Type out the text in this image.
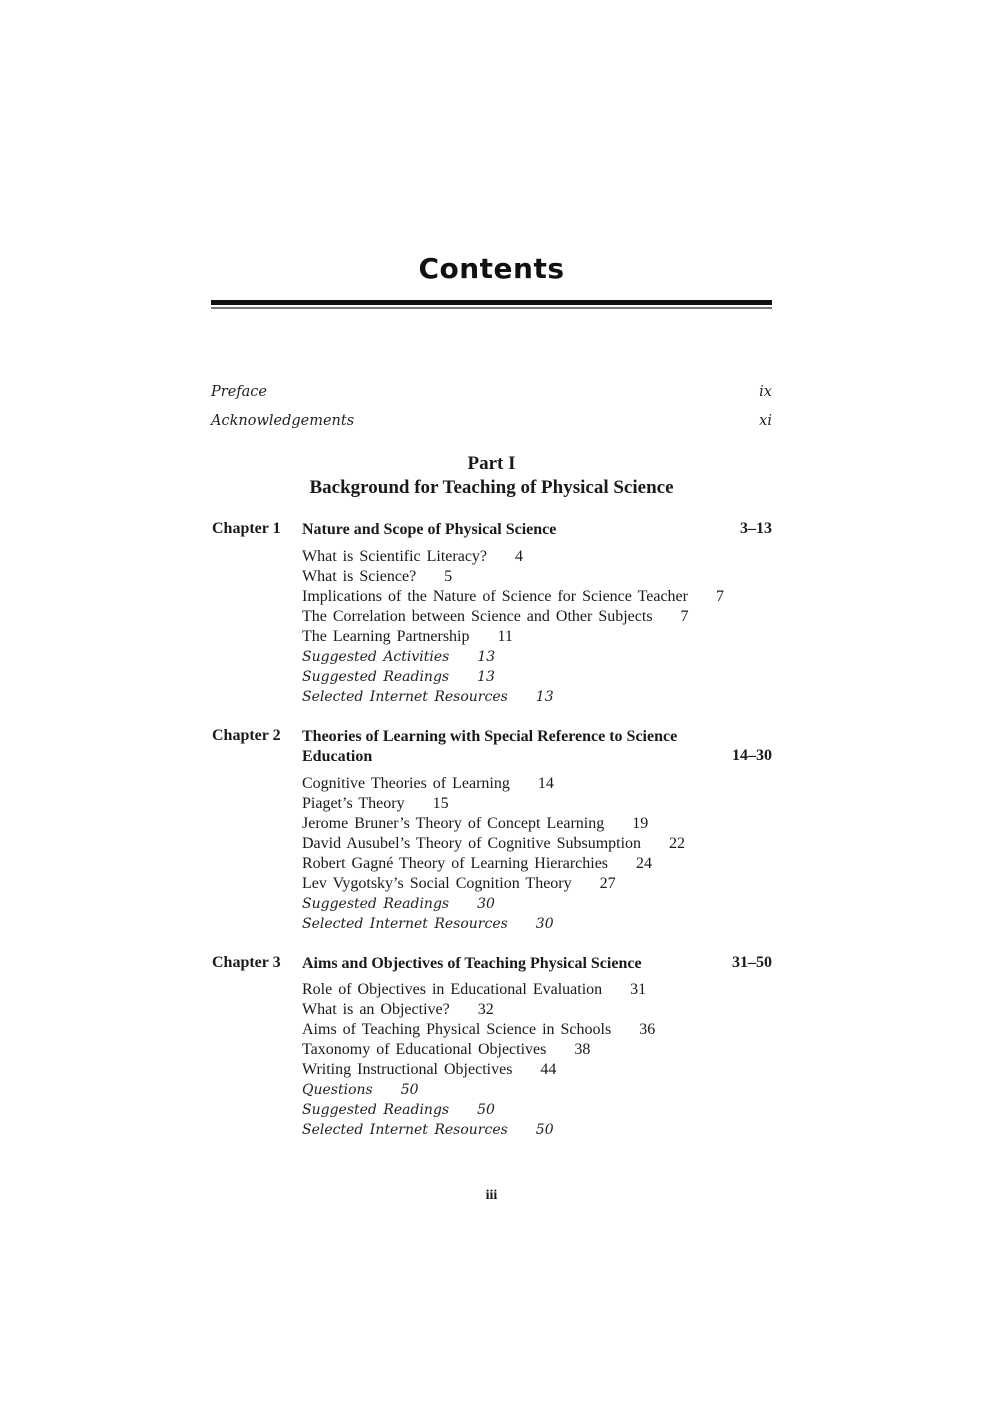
Contents
Preface	ix
Acknowledgements	xi
Part I
Background for Teaching of Physical Science
Chapter 1 Nature and Scope of Physical Science	3–13
What is Scientific Literacy? 4
What is Science? 5
Implications of the Nature of Science for Science Teacher 7
The Correlation between Science and Other Subjects 7
The Learning Partnership 11
Suggested Activities 13
Suggested Readings 13
Selected Internet Resources 13
Chapter 2 Theories of Learning with Special Reference to Science Education	14–30
Cognitive Theories of Learning 14
Piaget’s Theory 15
Jerome Bruner’s Theory of Concept Learning 19
David Ausubel’s Theory of Cognitive Subsumption 22
Robert Gagné Theory of Learning Hierarchies 24
Lev Vygotsky’s Social Cognition Theory 27
Suggested Readings 30
Selected Internet Resources 30
Chapter 3 Aims and Objectives of Teaching Physical Science	31–50
Role of Objectives in Educational Evaluation 31
What is an Objective? 32
Aims of Teaching Physical Science in Schools 36
Taxonomy of Educational Objectives 38
Writing Instructional Objectives 44
Questions 50
Suggested Readings 50
Selected Internet Resources 50
iii
